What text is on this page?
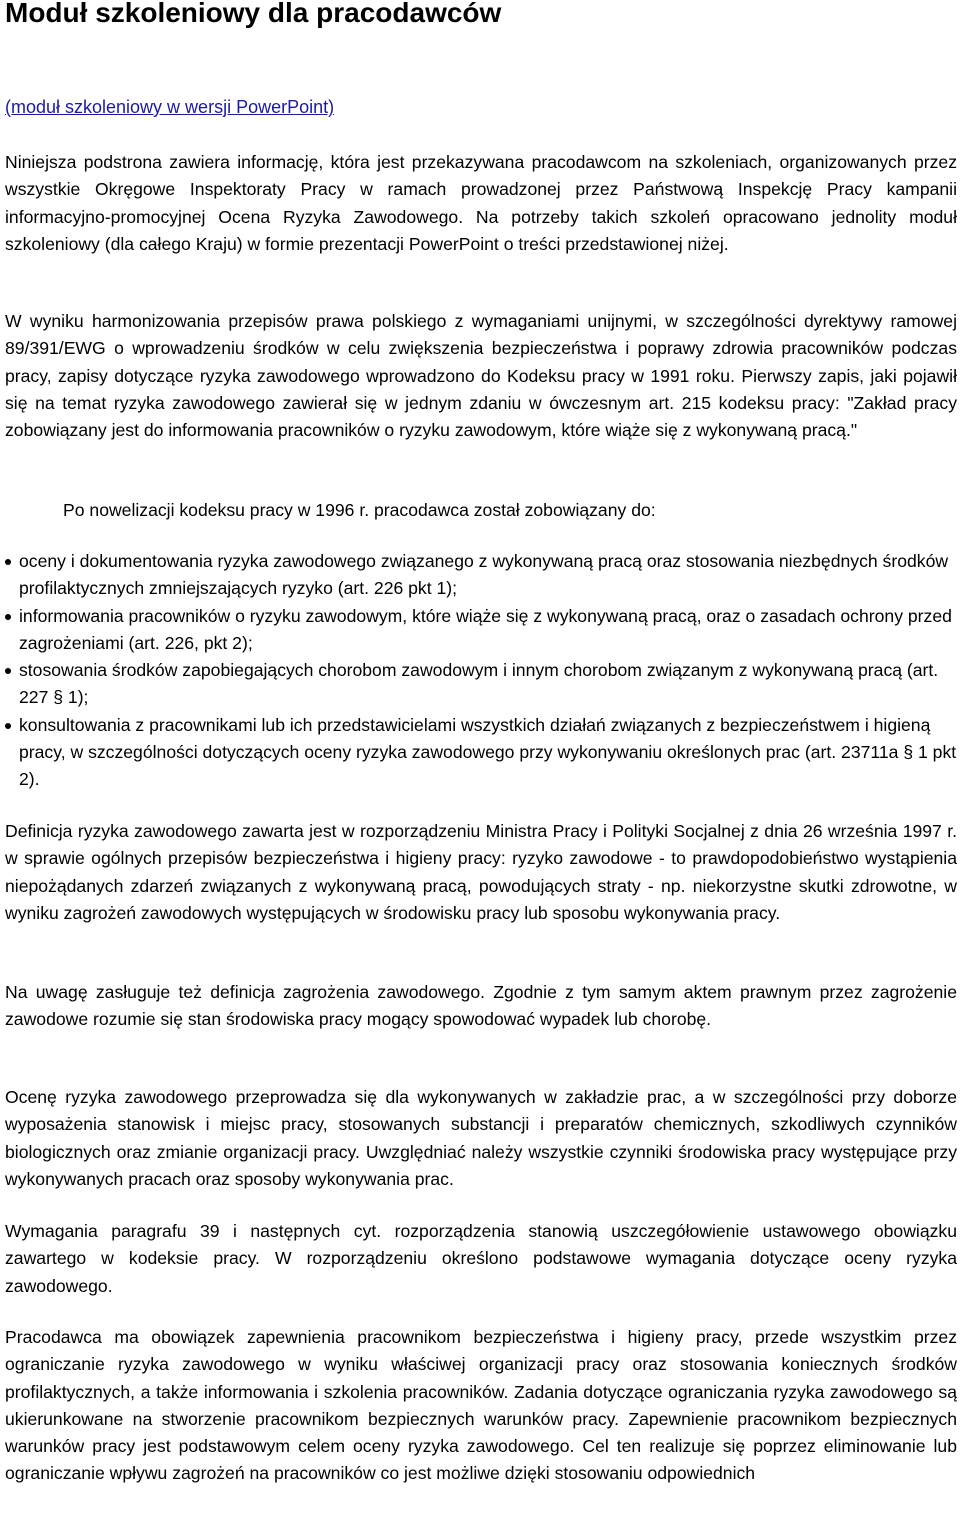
Moduł szkoleniowy dla pracodawców
(moduł szkoleniowy w wersji PowerPoint)

Niniejsza podstrona zawiera informację, która jest przekazywana pracodawcom na szkoleniach, organizowanych przez wszystkie Okręgowe Inspektoraty Pracy w ramach prowadzonej przez Państwową Inspekcję Pracy kampanii informacyjno-promocyjnej Ocena Ryzyka Zawodowego. Na potrzeby takich szkoleń opracowano jednolity moduł szkoleniowy (dla całego Kraju) w formie prezentacji PowerPoint o treści przedstawionej niżej.

W wyniku harmonizowania przepisów prawa polskiego z wymaganiami unijnymi, w szczególności dyrektywy ramowej 89/391/EWG o wprowadzeniu środków w celu zwiększenia bezpieczeństwa i poprawy zdrowia pracowników podczas pracy, zapisy dotyczące ryzyka zawodowego wprowadzono do Kodeksu pracy w 1991 roku. Pierwszy zapis, jaki pojawił się na temat ryzyka zawodowego zawierał się w jednym zdaniu w ówczesnym art. 215 kodeksu pracy: "Zakład pracy zobowiązany jest do informowania pracowników o ryzyku zawodowym, które wiąże się z wykonywaną pracą."

Po nowelizacji kodeksu pracy w 1996 r. pracodawca został zobowiązany do:

oceny i dokumentowania ryzyka zawodowego związanego z wykonywaną pracą oraz stosowania niezbędnych środków profilaktycznych zmniejszających ryzyko (art. 226 pkt 1);
informowania pracowników o ryzyku zawodowym, które wiąże się z wykonywaną pracą, oraz o zasadach ochrony przed zagrożeniami (art. 226, pkt 2);
stosowania środków zapobiegających chorobom zawodowym i innym chorobom związanym z wykonywaną pracą (art. 227 § 1);
konsultowania z pracownikami lub ich przedstawicielami wszystkich działań związanych z bezpieczeństwem i higieną pracy, w szczególności dotyczących oceny ryzyka zawodowego przy wykonywaniu określonych prac (art. 23711a § 1 pkt 2).

Definicja ryzyka zawodowego zawarta jest w rozporządzeniu Ministra Pracy i Polityki Socjalnej z dnia 26 września 1997 r. w sprawie ogólnych przepisów bezpieczeństwa i higieny pracy: ryzyko zawodowe - to prawdopodobieństwo wystąpienia niepożądanych zdarzeń związanych z wykonywaną pracą, powodujących straty - np. niekorzystne skutki zdrowotne, w wyniku zagrożeń zawodowych występujących w środowisku pracy lub sposobu wykonywania pracy.

Na uwagę zasługuje też definicja zagrożenia zawodowego. Zgodnie z tym samym aktem prawnym przez zagrożenie zawodowe rozumie się stan środowiska pracy mogący spowodować wypadek lub chorobę.

Ocenę ryzyka zawodowego przeprowadza się dla wykonywanych w zakładzie prac, a w szczególności przy doborze wyposażenia stanowisk i miejsc pracy, stosowanych substancji i preparatów chemicznych, szkodliwych czynników biologicznych oraz zmianie organizacji pracy. Uwzględniać należy wszystkie czynniki środowiska pracy występujące przy wykonywanych pracach oraz sposoby wykonywania prac.

Wymagania paragrafu 39 i następnych cyt. rozporządzenia stanowią uszczegółowienie ustawowego obowiązku zawartego w kodeksie pracy. W rozporządzeniu określono podstawowe wymagania dotyczące oceny ryzyka zawodowego.

Pracodawca ma obowiązek zapewnienia pracownikom bezpieczeństwa i higieny pracy, przede wszystkim przez ograniczanie ryzyka zawodowego w wyniku właściwej organizacji pracy oraz stosowania koniecznych środków profilaktycznych, a także informowania i szkolenia pracowników. Zadania dotyczące ograniczania ryzyka zawodowego są ukierunkowane na stworzenie pracownikom bezpiecznych warunków pracy. Zapewnienie pracownikom bezpiecznych warunków pracy jest podstawowym celem oceny ryzyka zawodowego. Cel ten realizuje się poprzez eliminowanie lub ograniczanie wpływu zagrożeń na pracowników co jest możliwe dzięki stosowaniu odpowiednich
